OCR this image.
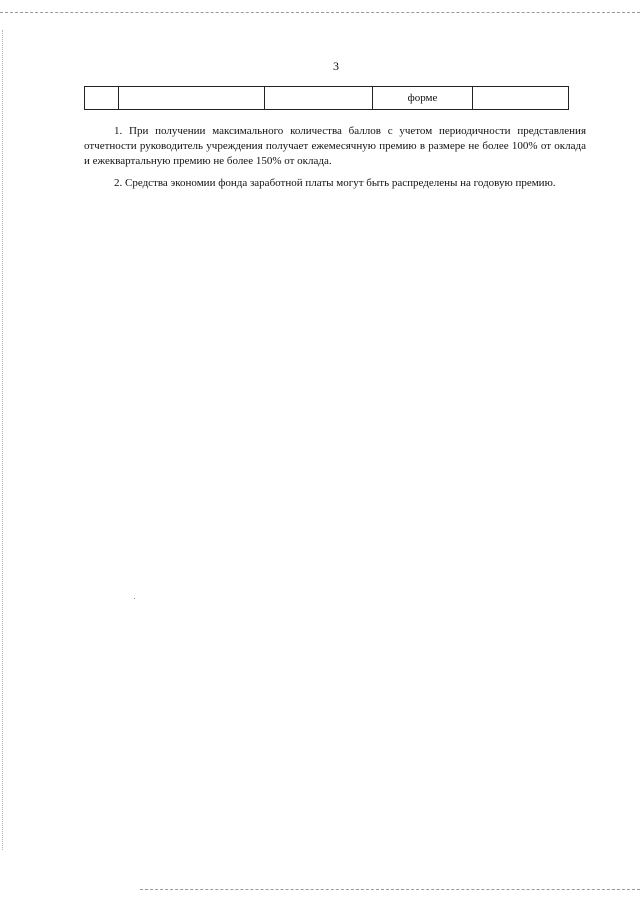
3
			форме	

1. При получении максимального количества баллов с учетом периодичности представления отчетности руководитель учреждения получает ежемесячную премию в размере не более 100% от оклада и ежеквартальную премию не более 150% от оклада.

2. Средства экономии фонда заработной платы могут быть распределены на годовую премию.
